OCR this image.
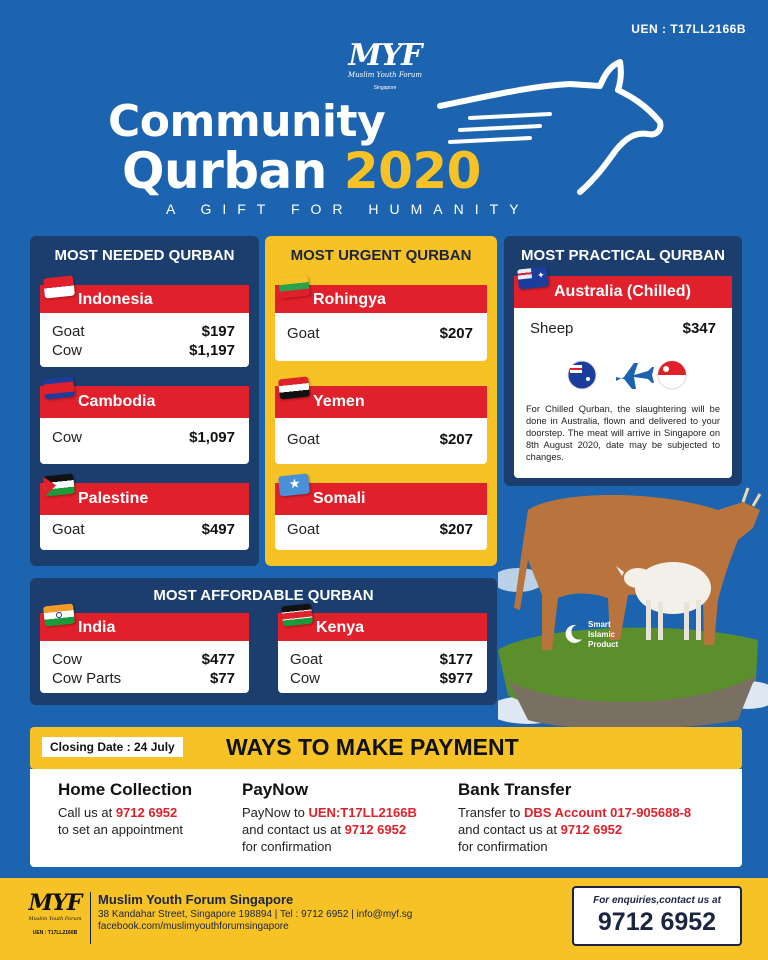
UEN : T17LL2166B
MYF
Muslim Youth Forum
Singapore
Community
Qurban 2020
A GIFT FOR HUMANITY
MOST NEEDED QURBAN
Indonesia
Goat	$197
Cow	$1,197
Cambodia
Cow	$1,097
Palestine
Goat	$497
MOST URGENT QURBAN
Rohingya
Goat	$207
Yemen
Goat	$207
Somali
★
Goat	$207
MOST PRACTICAL QURBAN
Australia (Chilled)
✦
Sheep	$347
For Chilled Qurban, the slaughtering will be done in Australia, flown and delivered to your doorstep. The meat will arrive in Singapore on 8th August 2020, date may be subjected to changes.
MOST AFFORDABLE QURBAN
India
Cow	$477
Cow Parts	$77
Kenya
Goat	$177
Cow	$977
Smart
Islamic
Product
Closing Date : 24 July	WAYS TO MAKE PAYMENT
Home Collection
Call us at 9712 6952
to set an appointment
PayNow
PayNow to UEN:T17LL2166B
and contact us at 9712 6952
for confirmation
Bank Transfer
Transfer to DBS Account 017-905688-8
and contact us at 9712 6952
for confirmation
MYF
Muslim Youth Forum
UEN : T17LL2166B
Muslim Youth Forum Singapore
38 Kandahar Street, Singapore 198894 | Tel : 9712 6952 | info@myf.sg
facebook.com/muslimyouthforumsingapore
For enquiries,contact us at
9712 6952
